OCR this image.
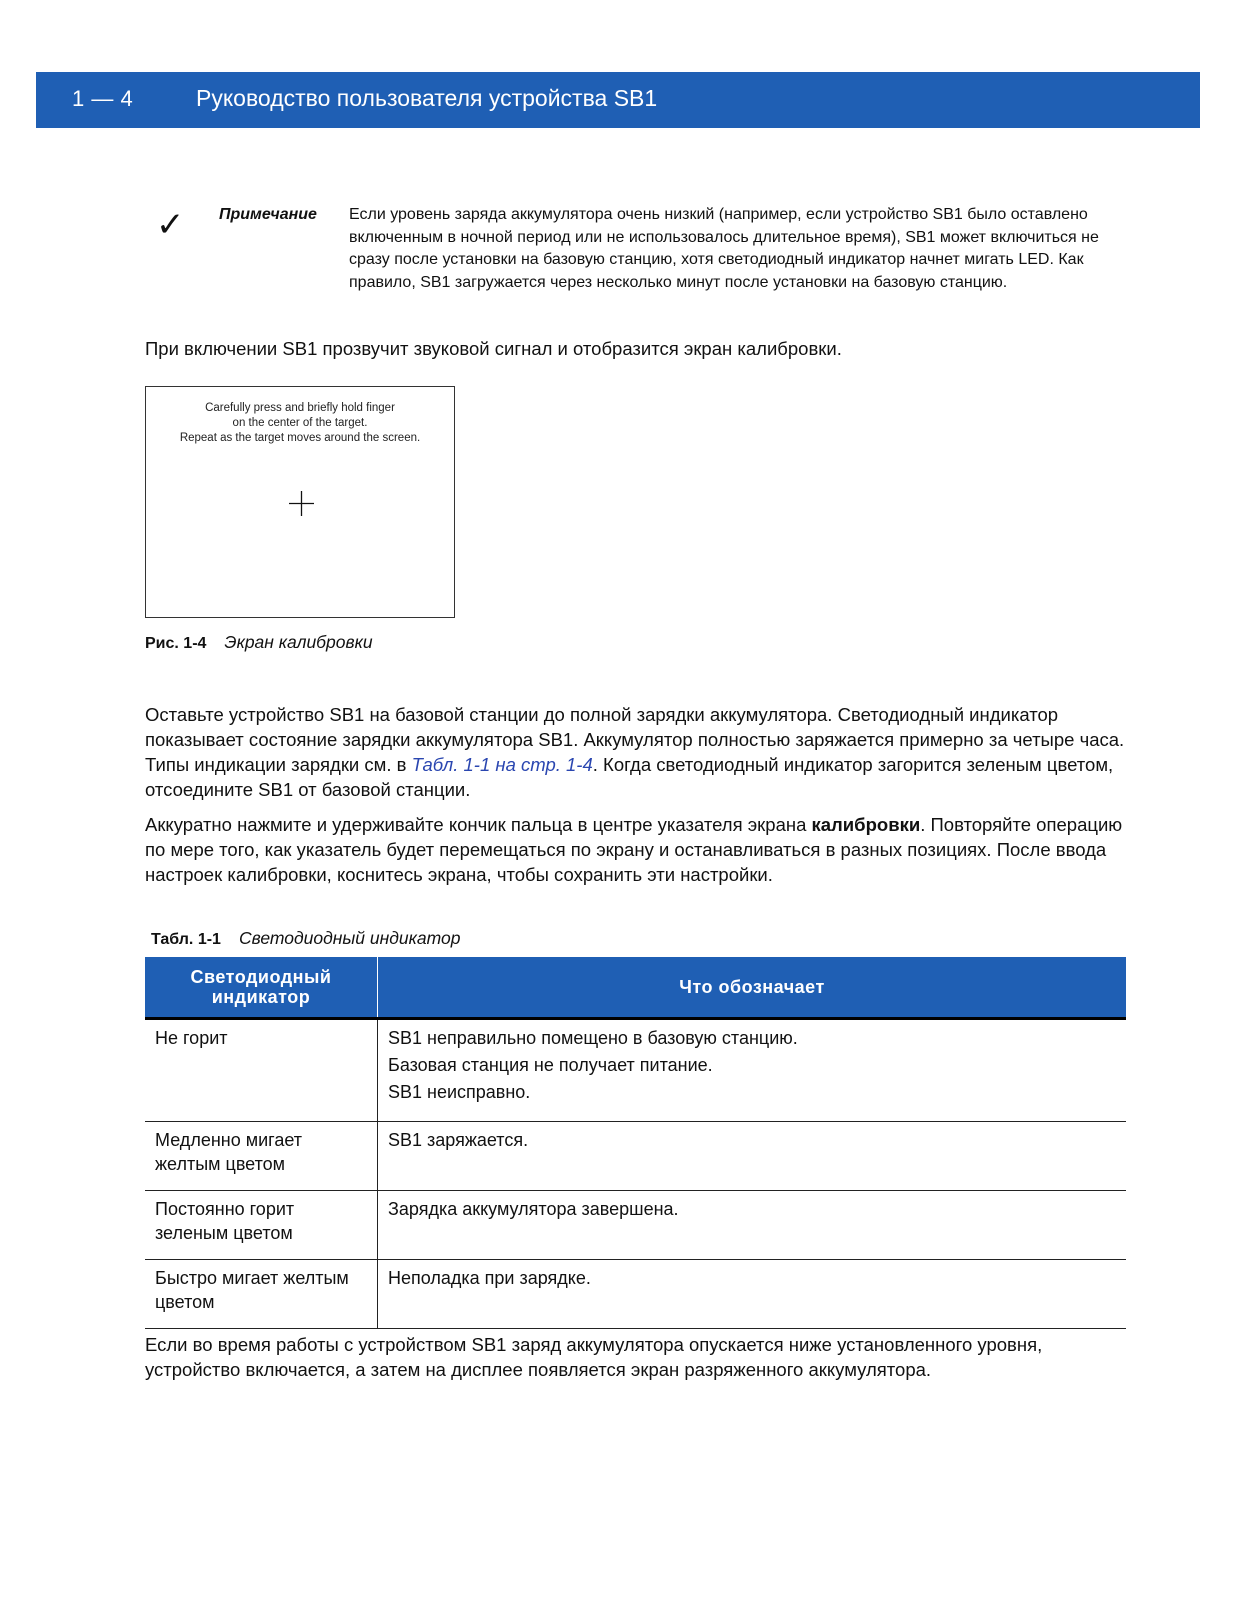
1 — 4	Руководство пользователя устройства SB1
✓ Примечание Если уровень заряда аккумулятора очень низкий (например, если устройство SB1 было оставлено включенным в ночной период или не использовалось длительное время), SB1 может включиться не сразу после установки на базовую станцию, хотя светодиодный индикатор начнет мигать LED. Как правило, SB1 загружается через несколько минут после установки на базовую станцию.
При включении SB1 прозвучит звуковой сигнал и отобразится экран калибровки.
Carefully press and briefly hold finger
on the center of the target.
Repeat as the target moves around the screen.
Рис. 1-4 Экран калибровки
Оставьте устройство SB1 на базовой станции до полной зарядки аккумулятора. Светодиодный индикатор показывает состояние зарядки аккумулятора SB1. Аккумулятор полностью заряжается примерно за четыре часа. Типы индикации зарядки см. в Табл. 1-1 на стр. 1-4. Когда светодиодный индикатор загорится зеленым цветом, отсоедините SB1 от базовой станции.
Аккуратно нажмите и удерживайте кончик пальца в центре указателя экрана калибровки. Повторяйте операцию по мере того, как указатель будет перемещаться по экрану и останавливаться в разных позициях. После ввода настроек калибровки, коснитесь экрана, чтобы сохранить эти настройки.
Табл. 1-1 Светодиодный индикатор
Светодиодный
индикатор	Что обозначает
Не горит	SB1 неправильно помещено в базовую станцию.
Базовая станция не получает питание.
SB1 неисправно.

Медленно мигает желтым цветом	SB1 заряжается.

Постоянно горит зеленым цветом	Зарядка аккумулятора завершена.

Быстро мигает желтым цветом	Неполадка при зарядке.
Если во время работы с устройством SB1 заряд аккумулятора опускается ниже установленного уровня, устройство включается, а затем на дисплее появляется экран разряженного аккумулятора.
